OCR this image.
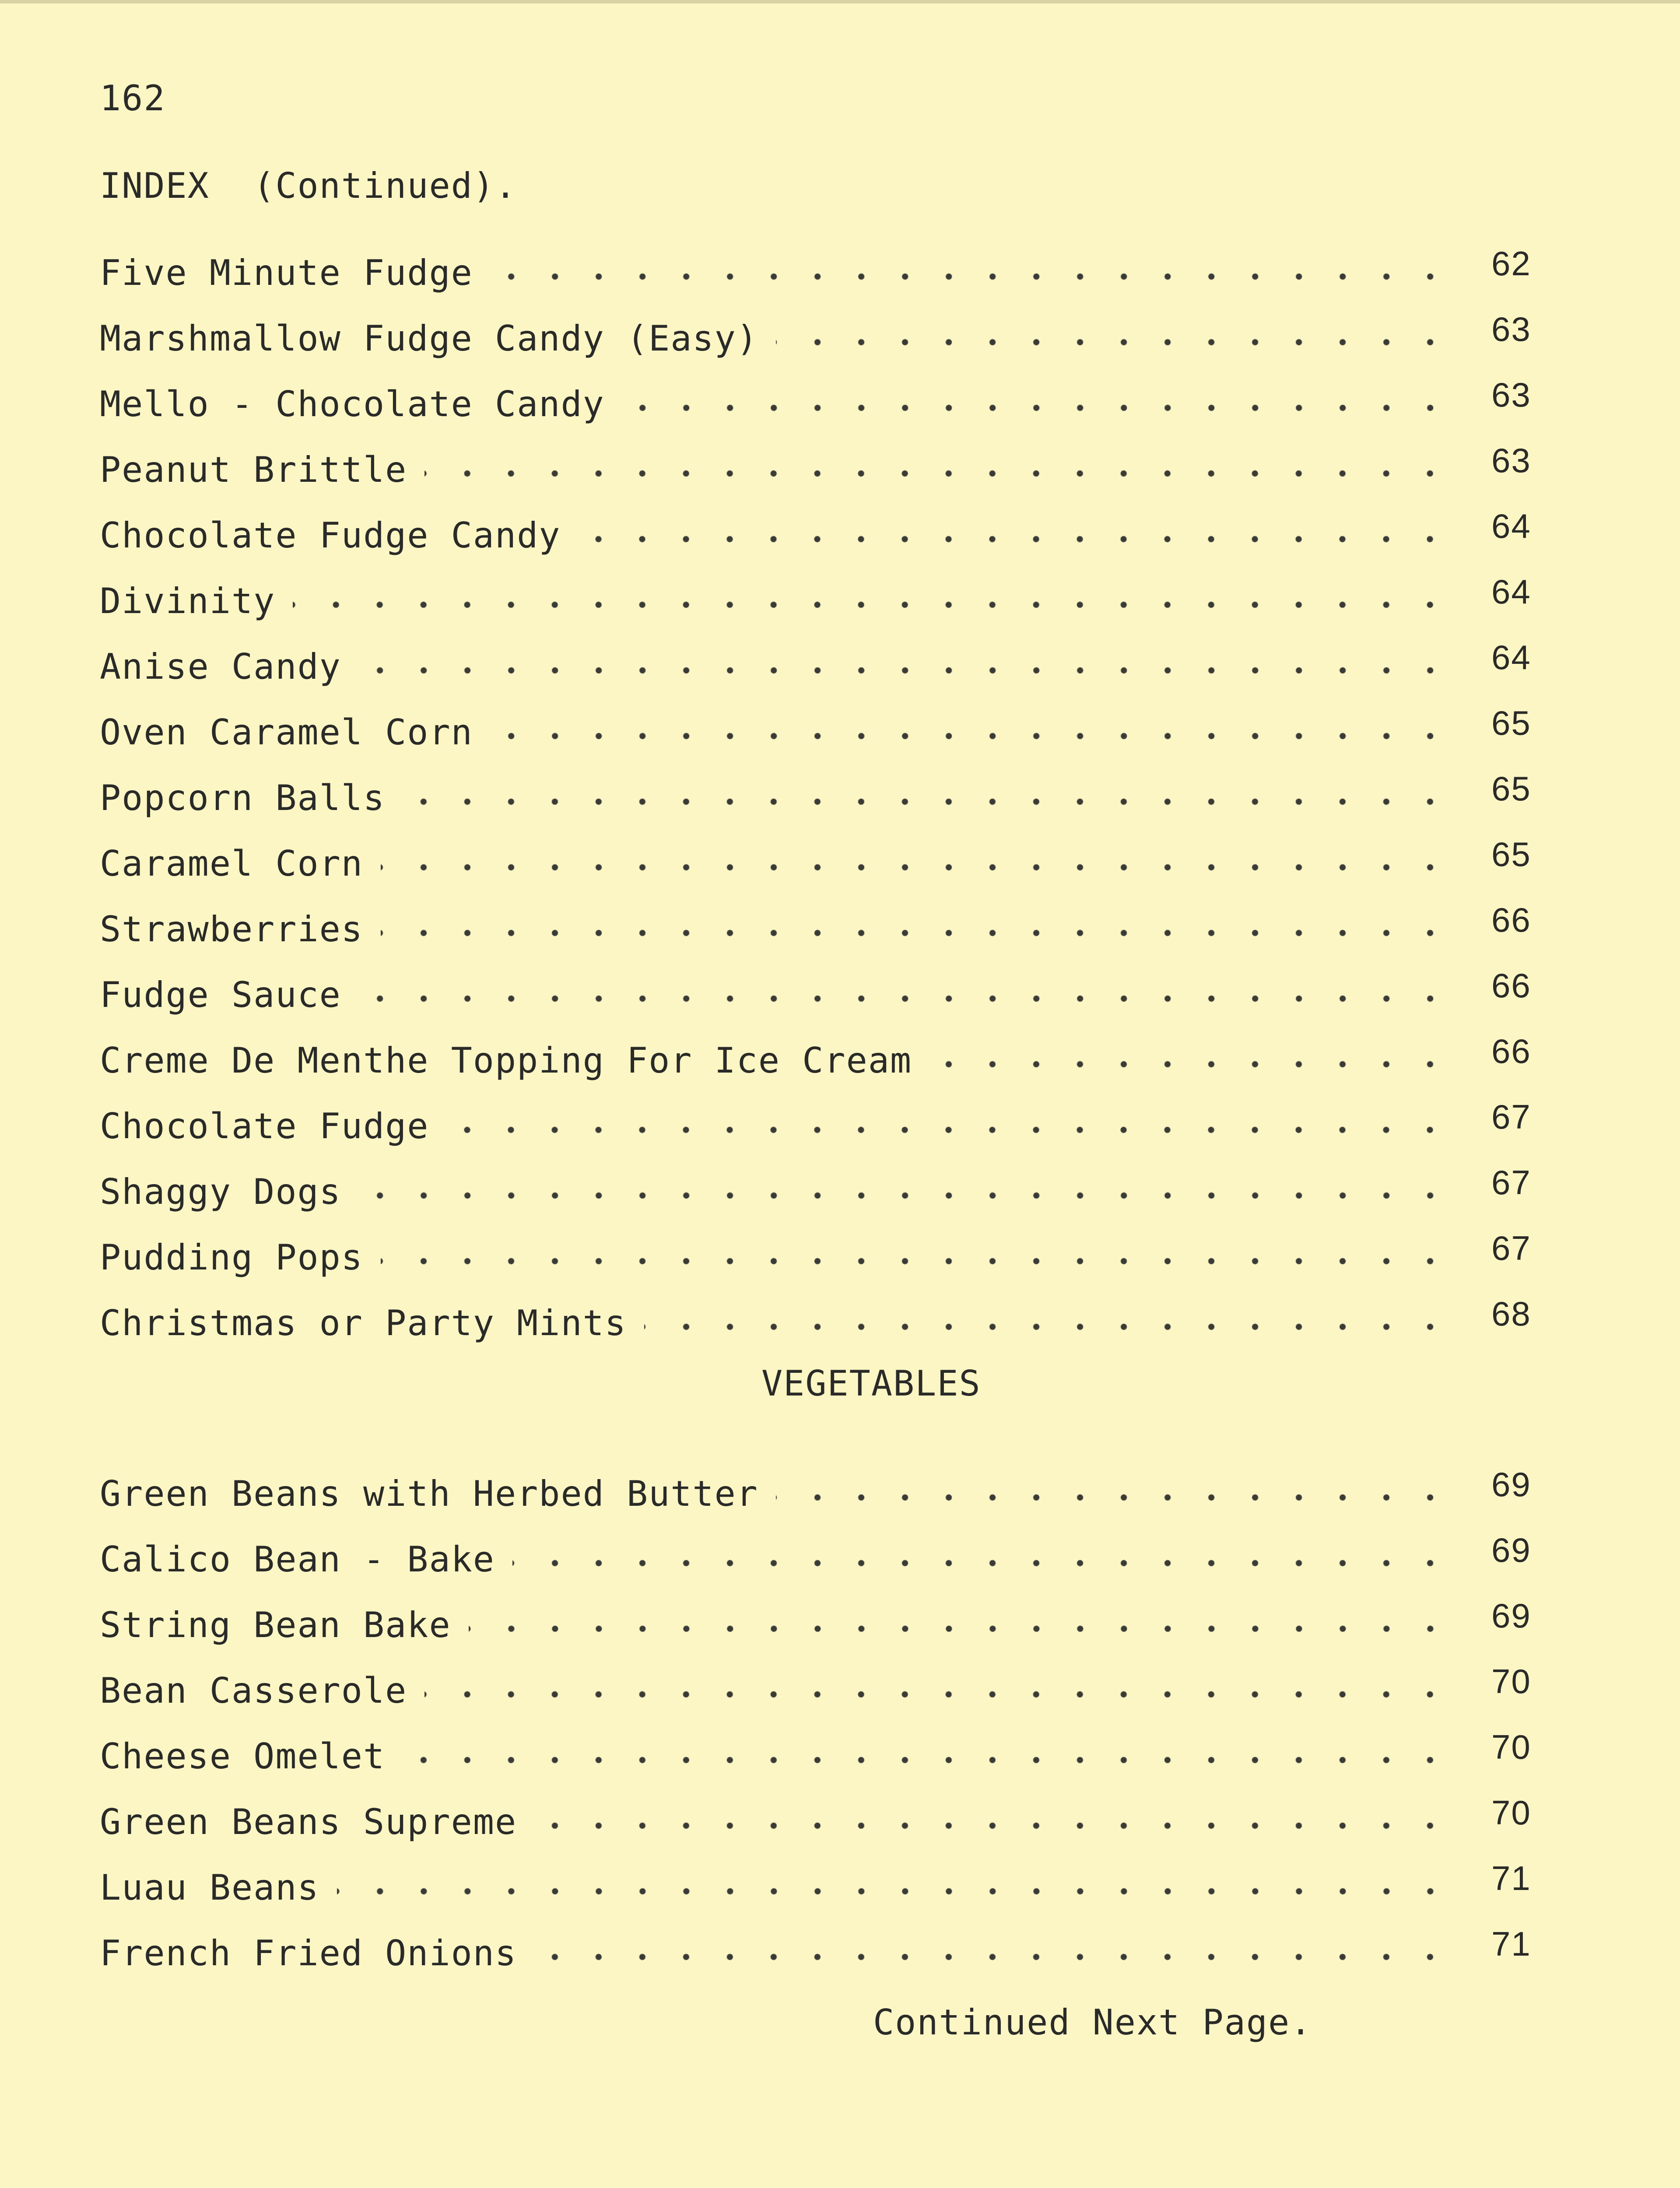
162
INDEX  (Continued).
Five Minute Fudge	62
Marshmallow Fudge Candy (Easy)	63
Mello - Chocolate Candy	63
Peanut Brittle	63
Chocolate Fudge Candy	64
Divinity	64
Anise Candy	64
Oven Caramel Corn	65
Popcorn Balls	65
Caramel Corn	65
Strawberries	66
Fudge Sauce	66
Creme De Menthe Topping For Ice Cream	66
Chocolate Fudge	67
Shaggy Dogs	67
Pudding Pops	67
Christmas or Party Mints	68
VEGETABLES
Green Beans with Herbed Butter	69
Calico Bean - Bake	69
String Bean Bake	69
Bean Casserole	70
Cheese Omelet	70
Green Beans Supreme	70
Luau Beans	71
French Fried Onions	71
Continued Next Page.
